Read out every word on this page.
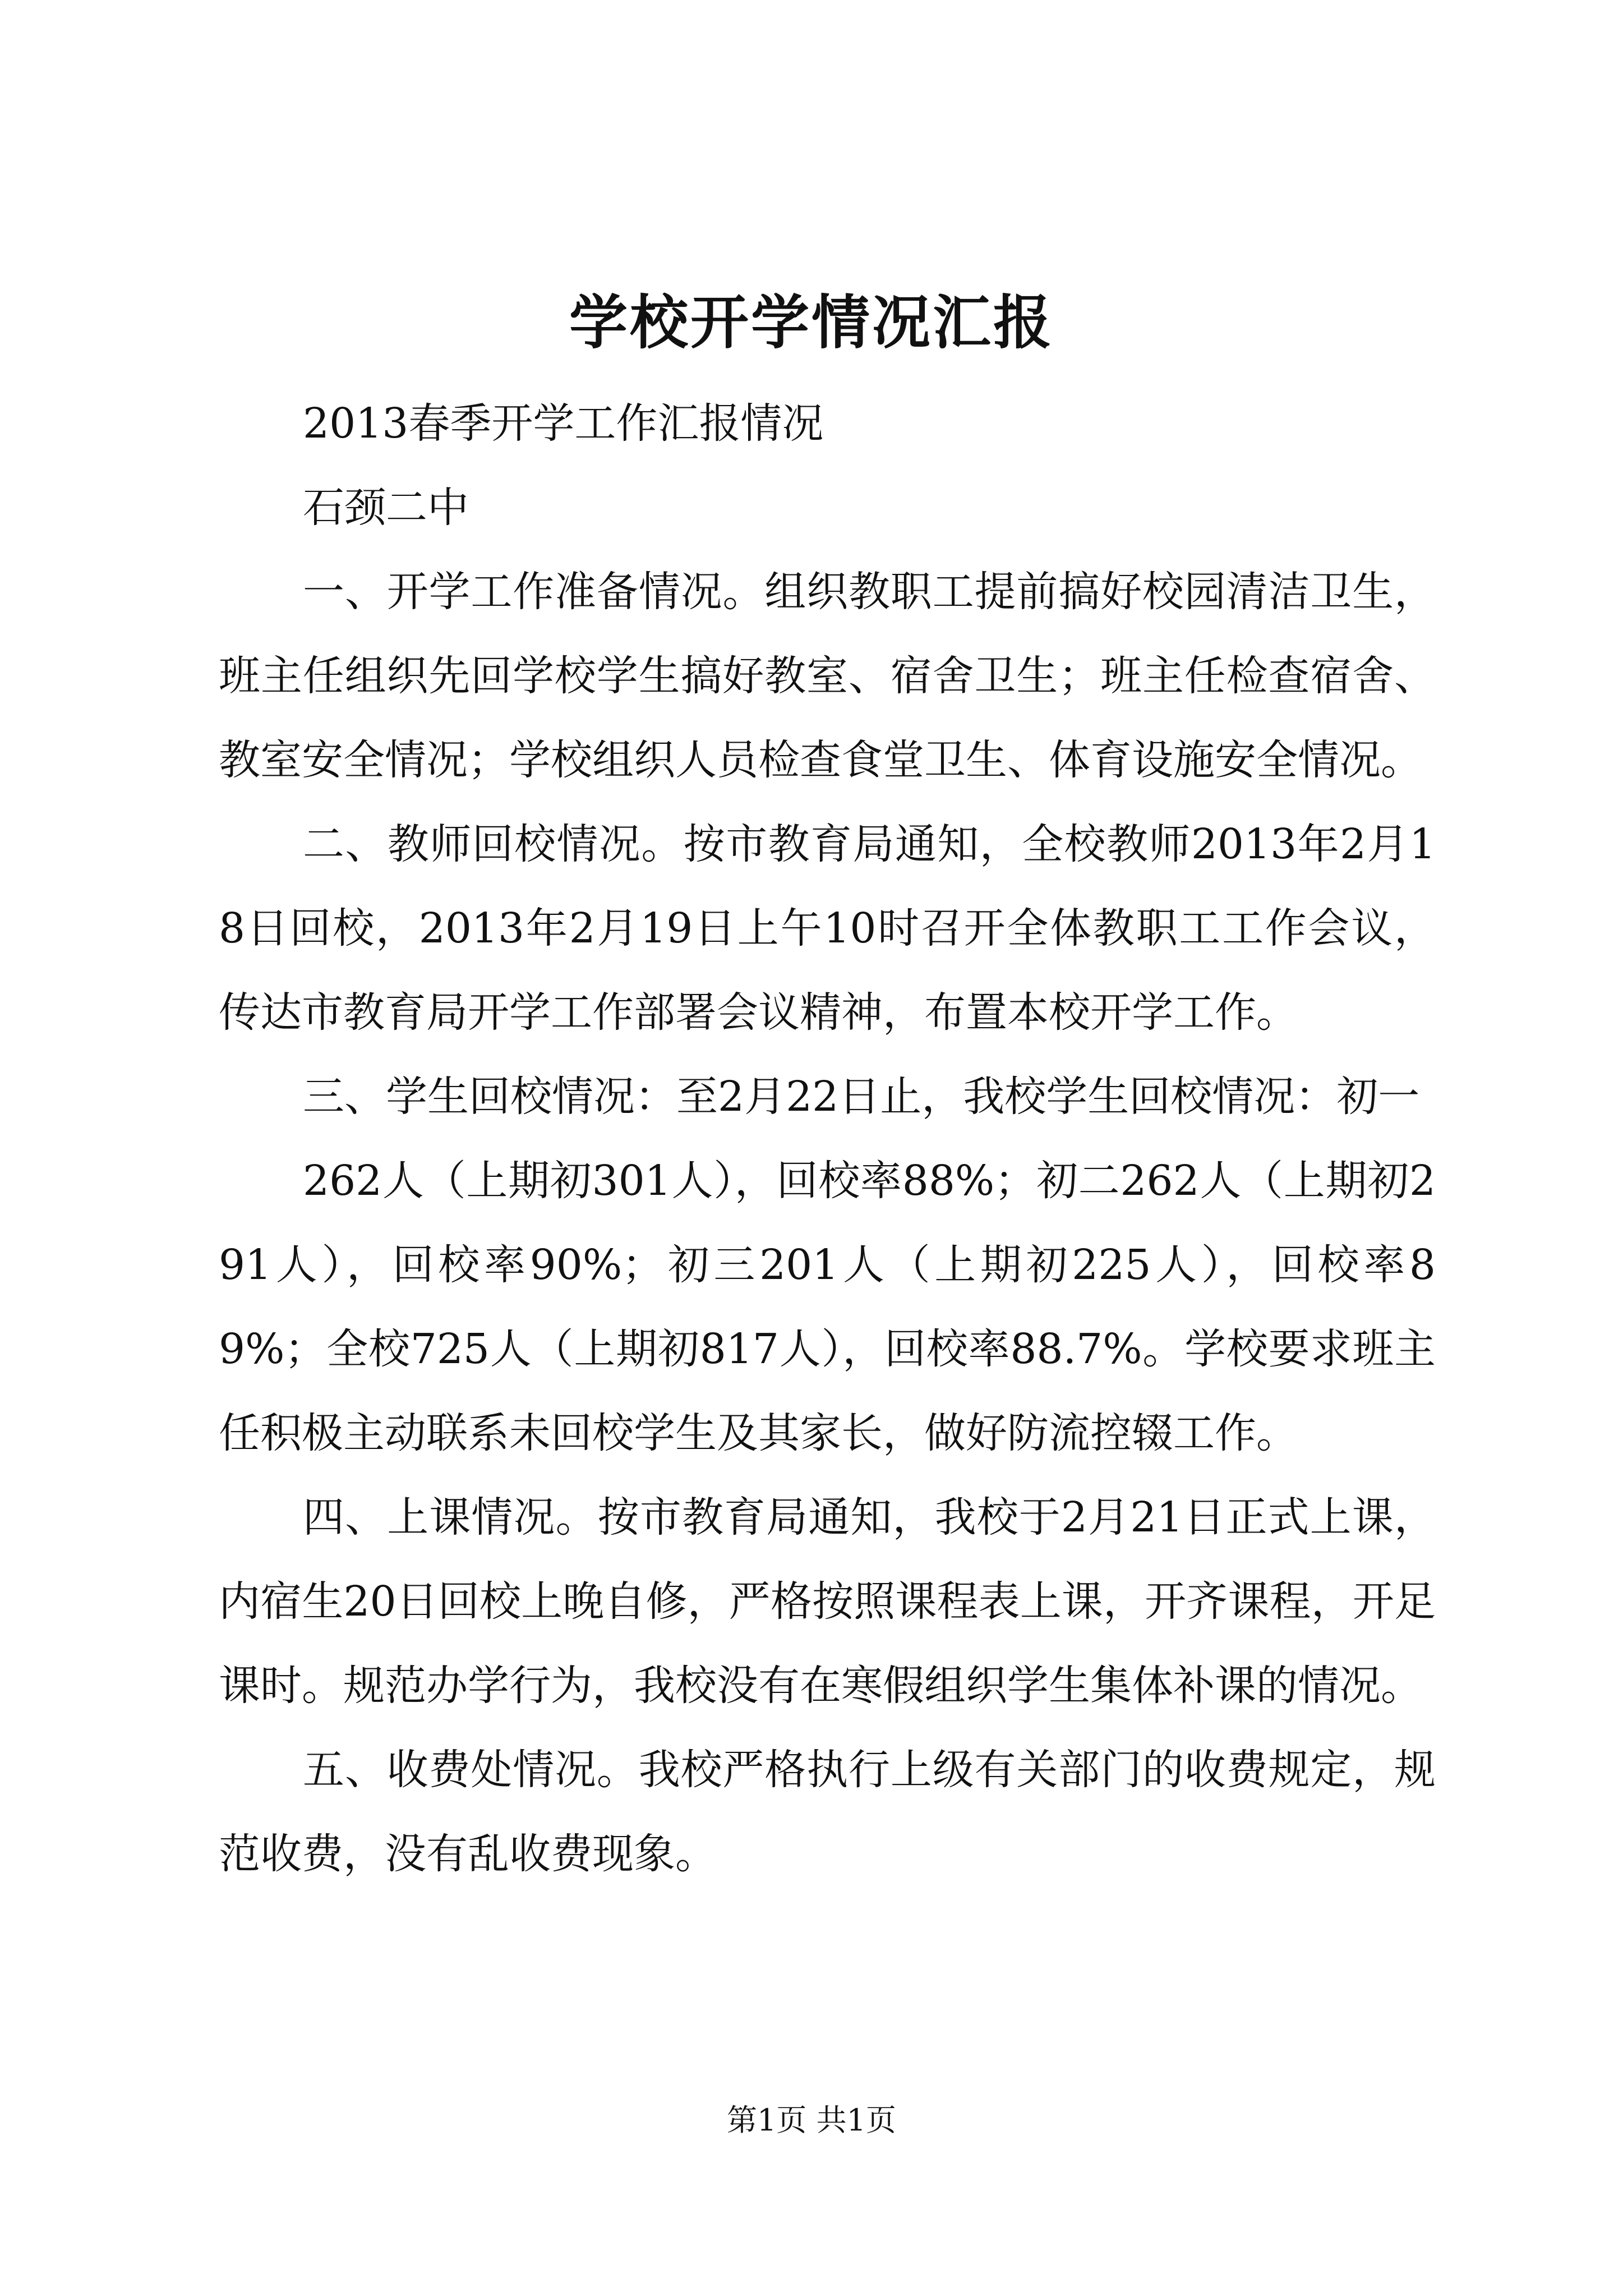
学校开学情况汇报

2013春季开学工作汇报情况

石颈二中

一、开学工作准备情况。组织教职工提前搞好校园清洁卫生，班主任组织先回学校学生搞好教室、宿舍卫生；班主任检查宿舍、教室安全情况；学校组织人员检查食堂卫生、体育设施安全情况。

二、教师回校情况。按市教育局通知，全校教师2013年2月18日回校，2013年2月19日上午10时召开全体教职工工作会议，传达市教育局开学工作部署会议精神，布置本校开学工作。

三、学生回校情况：至2月22日止，我校学生回校情况：初一

262人（上期初301人），回校率88%；初二262人（上期初291人），回校率90%；初三201人（上期初225人），回校率89%；全校725人（上期初817人），回校率88.7%。学校要求班主任积极主动联系未回校学生及其家长，做好防流控辍工作。

四、上课情况。按市教育局通知，我校于2月21日正式上课，内宿生20日回校上晚自修，严格按照课程表上课，开齐课程，开足课时。规范办学行为，我校没有在寒假组织学生集体补课的情况。

五、收费处情况。我校严格执行上级有关部门的收费规定，规范收费，没有乱收费现象。

第1页 共1页
